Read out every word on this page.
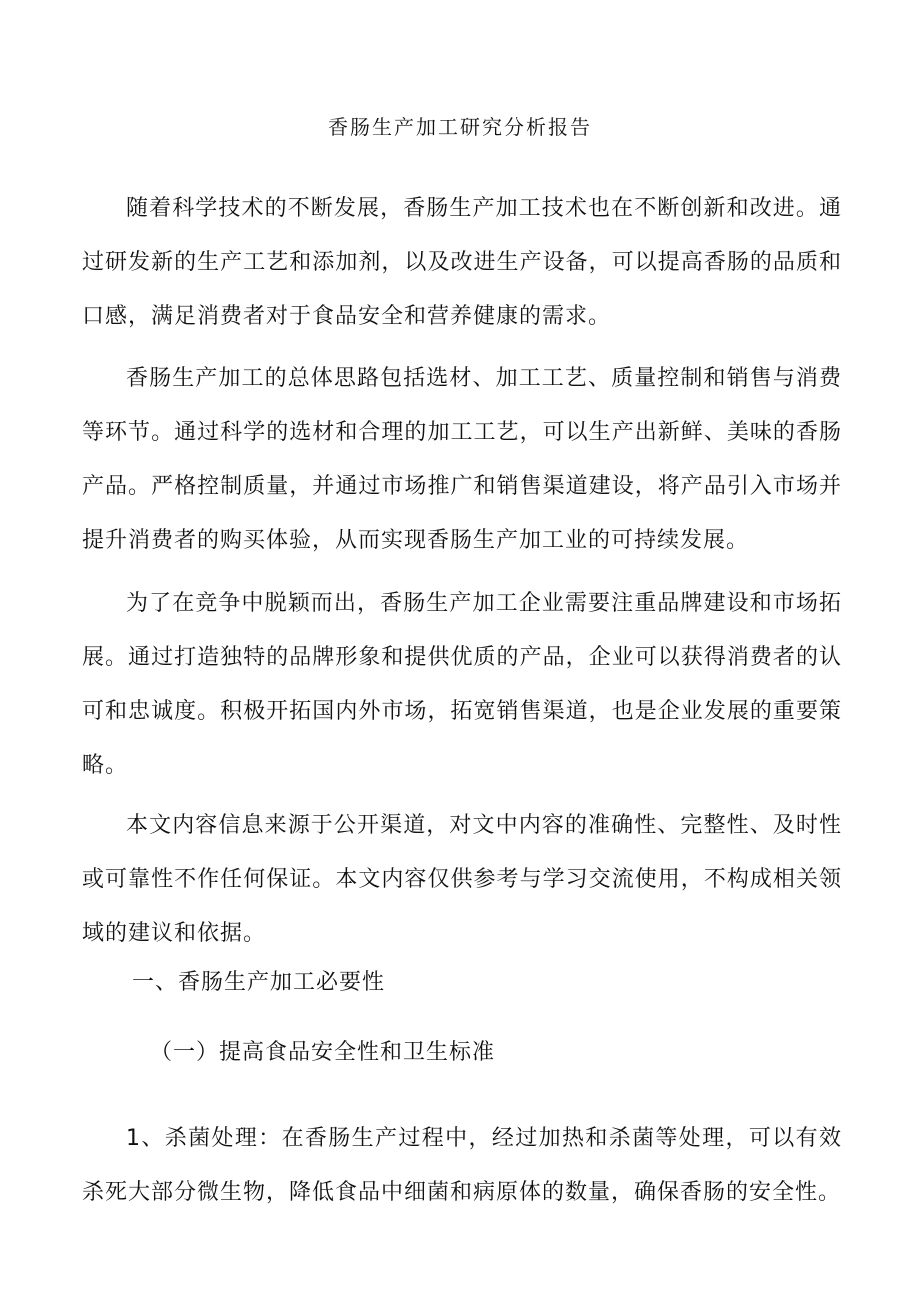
香肠生产加工研究分析报告

随着科学技术的不断发展，香肠生产加工技术也在不断创新和改进。通过研发新的生产工艺和添加剂，以及改进生产设备，可以提高香肠的品质和口感，满足消费者对于食品安全和营养健康的需求。

香肠生产加工的总体思路包括选材、加工工艺、质量控制和销售与消费等环节。通过科学的选材和合理的加工工艺，可以生产出新鲜、美味的香肠产品。严格控制质量，并通过市场推广和销售渠道建设，将产品引入市场并提升消费者的购买体验，从而实现香肠生产加工业的可持续发展。

为了在竞争中脱颖而出，香肠生产加工企业需要注重品牌建设和市场拓展。通过打造独特的品牌形象和提供优质的产品，企业可以获得消费者的认可和忠诚度。积极开拓国内外市场，拓宽销售渠道，也是企业发展的重要策略。

本文内容信息来源于公开渠道，对文中内容的准确性、完整性、及时性或可靠性不作任何保证。本文内容仅供参考与学习交流使用，不构成相关领域的建议和依据。

一、香肠生产加工必要性
（一）提高食品安全性和卫生标准

1、杀菌处理：在香肠生产过程中，经过加热和杀菌等处理，可以有效杀死大部分微生物，降低食品中细菌和病原体的数量，确保香肠的安全性。
